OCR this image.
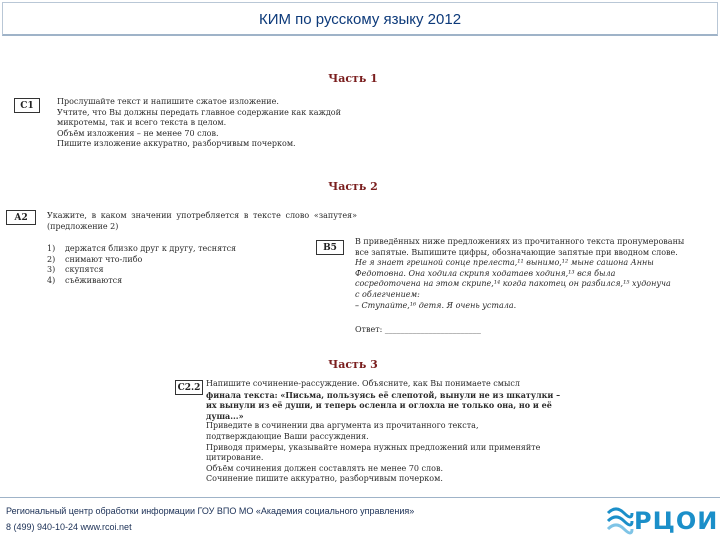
КИМ по русскому языку 2012
Часть 1
С1	Прослушайте текст и напишите сжатое изложение.

Учтите, что Вы должны передать главное содержание как каждой

микротемы, так и всего текста в целом.

Объём изложения – не менее 70 слов.

Пишите изложение аккуратно, разборчивым почерком.

Часть 2
А2	Укажите, в каком значении употребляется в тексте слово «запутея» (предложение 2)

1) держатся близко друг к другу, теснятся

2) снимают что-либо

3) скупятся

4) съёживаются

В5

В приведённых ниже предложениях из прочитанного текста пронумерованы

все запятые. Выпишите цифры, обозначающие запятые при вводном слове.

Не я знает грешной сонце прелеста,¹¹ вынимо,¹² мыне сашона Анны

Федотовна. Она ходила скрипя ходатаев ходиня,¹³ вся была

сосредоточена на этом скрипе,¹⁴ когда пакотец он разбился,¹⁵ худонуча

с облегчением:

– Ступайте,¹⁶ детя. Я очень устала.

Ответ: ________________________

Часть 3
С2.2 Напишите сочинение-рассуждение. Объясните, как Вы понимаете смысл

финала текста: «Письма, пользуясь её слепотой, вынули не из шкатулки –

их вынули из её души, и теперь осленла и оглохла не только она, но и её

душа...»

Приведите в сочинении два аргумента из прочитанного текста,

подтверждающие Ваши рассуждения.

Приводя примеры, указывайте номера нужных предложений или применяйте

цитирование.

Объём сочинения должен составлять не менее 70 слов.

Сочинение пишите аккуратно, разборчивым почерком.

Региональный центр обработки информации ГОУ ВПО МО «Академия социального управления»
8 (499) 940-10-24 www.rcoi.net	РЦОИ
